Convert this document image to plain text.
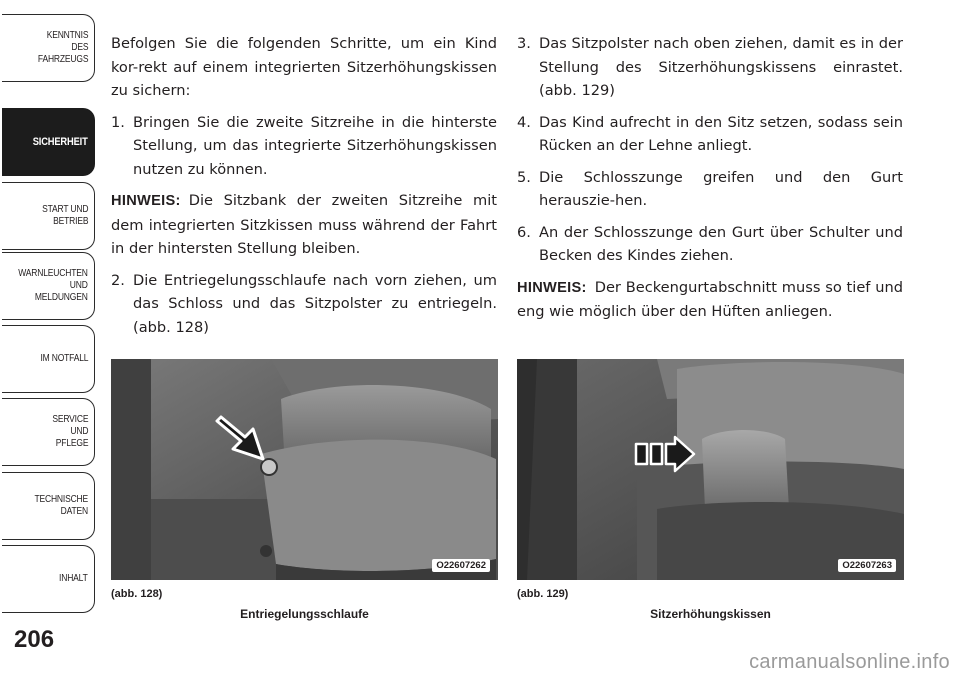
KENNTNIS
DES
FAHRZEUGS
SICHERHEIT
START UND
BETRIEB
WARNLEUCHTEN
UND
MELDUNGEN
IM NOTFALL
SERVICE
UND
PFLEGE
TECHNISCHE
DATEN
INHALT
206

Befolgen Sie die folgenden Schritte, um ein Kind kor-rekt auf einem integrierten Sitzerhöhungskissen zu sichern:

1. Bringen Sie die zweite Sitzreihe in die hinterste Stellung, um das integrierte Sitzerhöhungskissen nutzen zu können.

HINWEIS: Die Sitzbank der zweiten Sitzreihe mit dem integrierten Sitzkissen muss während der Fahrt in der hintersten Stellung bleiben.

2. Die Entriegelungsschlaufe nach vorn ziehen, um das Schloss und das Sitzpolster zu entriegeln. (abb. 128)

3. Das Sitzpolster nach oben ziehen, damit es in der Stellung des Sitzerhöhungskissens einrastet. (abb. 129)

4. Das Kind aufrecht in den Sitz setzen, sodass sein Rücken an der Lehne anliegt.

5. Die Schlosszunge greifen und den Gurt herauszie-hen.

6. An der Schlosszunge den Gurt über Schulter und Becken des Kindes ziehen.

HINWEIS: Der Beckengurtabschnitt muss so tief und eng wie möglich über den Hüften anliegen.

O22607262
(abb. 128)
Entriegelungsschlaufe
O22607263
(abb. 129)
Sitzerhöhungskissen
carmanualsonline.info
